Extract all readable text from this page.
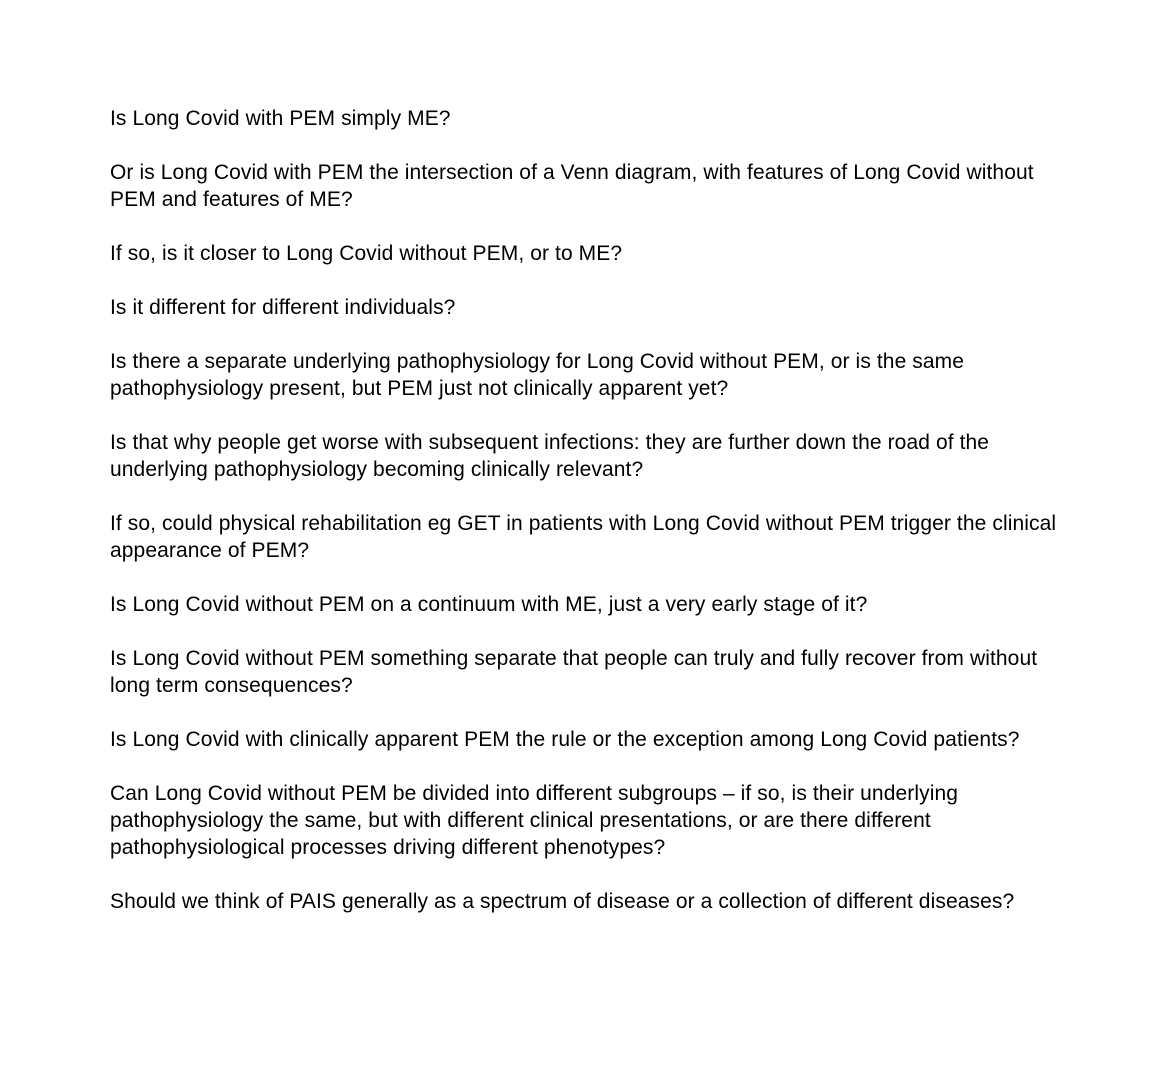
Is Long Covid with PEM simply ME?

Or is Long Covid with PEM the intersection of a Venn diagram, with features of Long Covid without PEM and features of ME?

If so, is it closer to Long Covid without PEM, or to ME?

Is it different for different individuals?

Is there a separate underlying pathophysiology for Long Covid without PEM, or is the same pathophysiology present, but PEM just not clinically apparent yet?

Is that why people get worse with subsequent infections: they are further down the road of the underlying pathophysiology becoming clinically relevant?

If so, could physical rehabilitation eg GET in patients with Long Covid without PEM trigger the clinical appearance of PEM?

Is Long Covid without PEM on a continuum with ME, just a very early stage of it?

Is Long Covid without PEM something separate that people can truly and fully recover from without long term consequences?

Is Long Covid with clinically apparent PEM the rule or the exception among Long Covid patients?

Can Long Covid without PEM be divided into different subgroups – if so, is their underlying pathophysiology the same, but with different clinical presentations, or are there different pathophysiological processes driving different phenotypes?

Should we think of PAIS generally as a spectrum of disease or a collection of different diseases?
